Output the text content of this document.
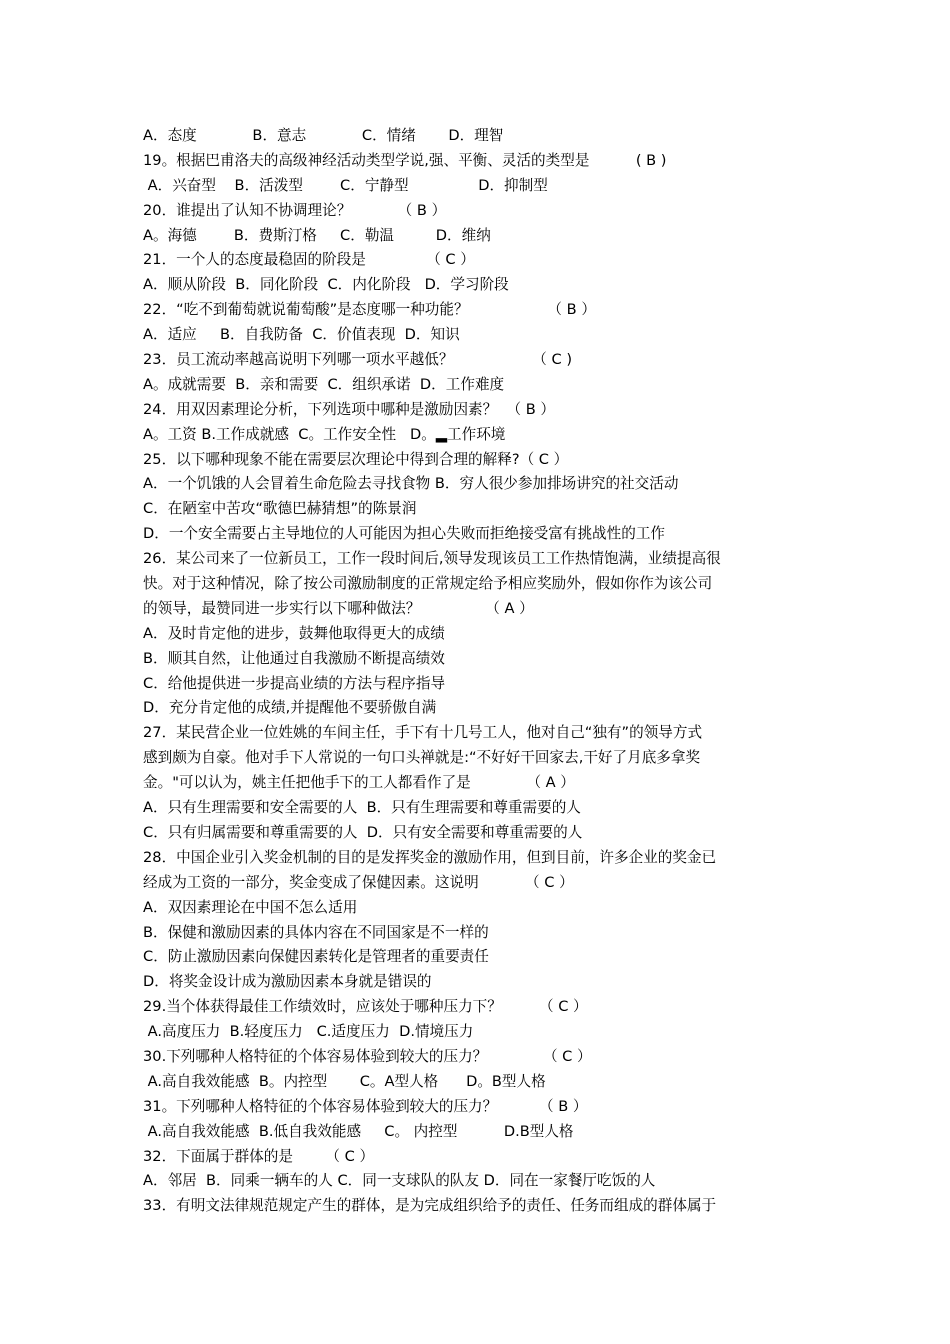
A．态度            B．意志            C．情绪       D．理智
19。根据巴甫洛夫的高级神经活动类型学说,强、平衡、灵活的类型是          ( B )
A．兴奋型    B．活泼型        C．宁静型               D．抑制型
20．谁提出了认知不协调理论？          （ B ）
A。海德        B．费斯汀格     C．勒温         D．维纳
21．一个人的态度最稳固的阶段是             （ C ）
A．顺从阶段  B．同化阶段  C．内化阶段   D．学习阶段
22．“吃不到葡萄就说葡萄酸”是态度哪一种功能？                 （ B ）
A．适应     B．自我防备  C．价值表现  D．知识
23．员工流动率越高说明下列哪一项水平越低？                 （ C )
A。成就需要  B．亲和需要  C．组织承诺  D．工作难度
24．用双因素理论分析，下列选项中哪种是激励因素？  （ B ）
A。工资 B.工作成就感  C。工作安全性   D。▂工作环境
25．以下哪种现象不能在需要层次理论中得到合理的解释?（ C ）
A．一个饥饿的人会冒着生命危险去寻找食物 B．穷人很少参加排场讲究的社交活动
C．在陋室中苦攻“歌德巴赫猜想”的陈景润
D．一个安全需要占主导地位的人可能因为担心失败而拒绝接受富有挑战性的工作
26．某公司来了一位新员工，工作一段时间后,领导发现该员工工作热情饱满，业绩提高很
快。对于这种情况，除了按公司激励制度的正常规定给予相应奖励外，假如你作为该公司
的领导，最赞同进一步实行以下哪种做法？              （ A ）
A．及时肯定他的进步，鼓舞他取得更大的成绩
B．顺其自然，让他通过自我激励不断提高绩效
C．给他提供进一步提高业绩的方法与程序指导
D．充分肯定他的成绩,并提醒他不要骄傲自满
27．某民营企业一位姓姚的车间主任，手下有十几号工人，他对自己“独有”的领导方式
感到颇为自豪。他对手下人常说的一句口头禅就是:“不好好干回家去,干好了月底多拿奖
金。"可以认为，姚主任把他手下的工人都看作了是            （ A ）
A．只有生理需要和安全需要的人  B．只有生理需要和尊重需要的人
C．只有归属需要和尊重需要的人  D．只有安全需要和尊重需要的人
28．中国企业引入奖金机制的目的是发挥奖金的激励作用，但到目前，许多企业的奖金已
经成为工资的一部分，奖金变成了保健因素。这说明          （ C ）
A．双因素理论在中国不怎么适用
B．保健和激励因素的具体内容在不同国家是不一样的
C．防止激励因素向保健因素转化是管理者的重要责任
D．将奖金设计成为激励因素本身就是错误的
29.当个体获得最佳工作绩效时，应该处于哪种压力下？        （ C ）
A.高度压力  B.轻度压力   C.适度压力  D.情境压力
30.下列哪种人格特征的个体容易体验到较大的压力？            （ C ）
A.高自我效能感  B。内控型       C。A型人格      D。B型人格
31。下列哪种人格特征的个体容易体验到较大的压力？         （ B ）
A.高自我效能感  B.低自我效能感     C。 内控型          D.B型人格
32．下面属于群体的是       （ C ）
A．邻居  B．同乘一辆车的人 C．同一支球队的队友 D．同在一家餐厅吃饭的人
33．有明文法律规范规定产生的群体，是为完成组织给予的责任、任务而组成的群体属于
